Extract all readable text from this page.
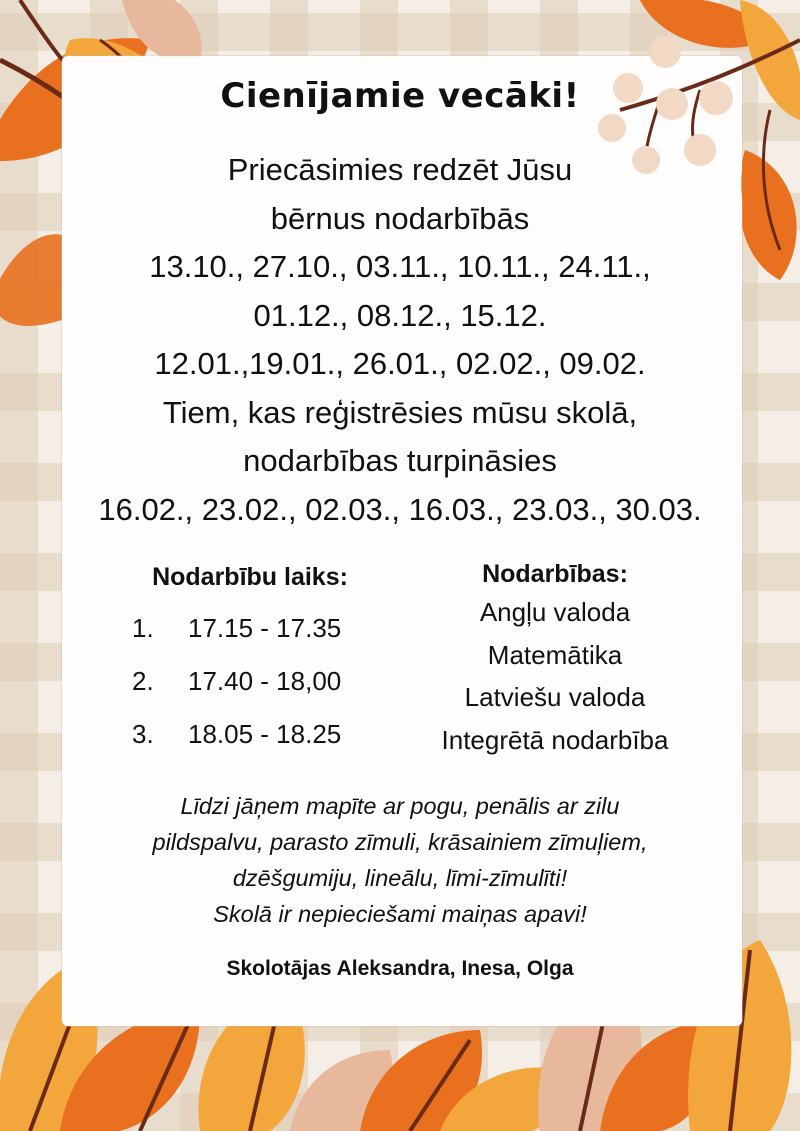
Cienījamie vecāki!
Priecāsimies redzēt Jūsu
bērnus nodarbībās
13.10., 27.10., 03.11., 10.11., 24.11.,
01.12., 08.12., 15.12.
12.01.,19.01., 26.01., 02.02., 09.02.
Tiem, kas reģistrēsies mūsu skolā,
nodarbības turpināsies
16.02., 23.02., 02.03., 16.03., 23.03., 30.03.
Nodarbību laiks:
1. 17.15 - 17.35
2. 17.40 - 18,00
3. 18.05 - 18.25
Nodarbības:
Angļu valoda
Matemātika
Latviešu valoda
Integrētā nodarbība
Līdzi jāņem mapīte ar pogu, penālis ar zilu
pildspalvu, parasto zīmuli, krāsainiem zīmuļiem,
dzēšgumiju, lineālu, līmi-zīmulīti!
Skolā ir nepieciešami maiņas apavi!
Skolotājas Aleksandra, Inesa, Olga
